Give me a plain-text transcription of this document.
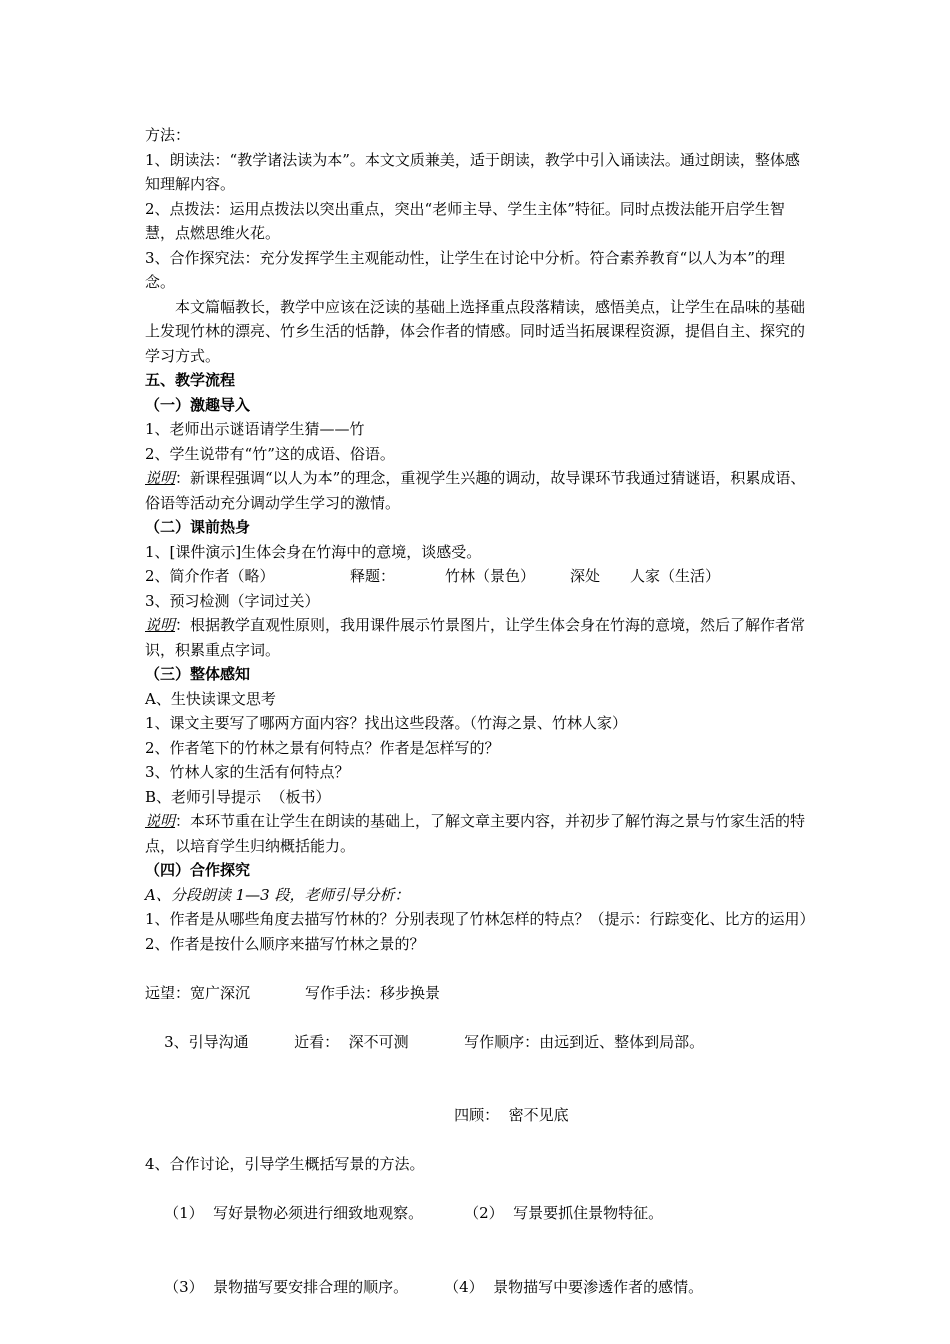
方法：
1、朗读法：“教学诸法读为本”。本文文质兼美，适于朗读，教学中引入诵读法。通过朗读，整体感知理解内容。
2、点拨法：运用点拨法以突出重点，突出“老师主导、学生主体”特征。同时点拨法能开启学生智慧，点燃思维火花。
3、合作探究法：充分发挥学生主观能动性，让学生在讨论中分析。符合素养教育“以人为本”的理念。
本文篇幅教长，教学中应该在泛读的基础上选择重点段落精读，感悟美点，让学生在品味的基础上发现竹林的漂亮、竹乡生活的恬静，体会作者的情感。同时适当拓展课程资源，提倡自主、探究的学习方式。
五、教学流程
（一）激趣导入
1、老师出示谜语请学生猜——竹
2、学生说带有“竹”这的成语、俗语。
说明：新课程强调“以人为本”的理念，重视学生兴趣的调动，故导课环节我通过猜谜语，积累成语、俗语等活动充分调动学生学习的激情。
（二）课前热身
1、[课件演示]生体会身在竹海中的意境，谈感受。
2、简介作者（略）	释题：	竹林（景色） 深处 人家（生活）
3、预习检测（字词过关）
说明：根据教学直观性原则，我用课件展示竹景图片，让学生体会身在竹海的意境，然后了解作者常识，积累重点字词。
（三）整体感知
A、生快读课文思考
1、课文主要写了哪两方面内容？找出这些段落。（竹海之景、竹林人家）
2、作者笔下的竹林之景有何特点？作者是怎样写的？
3、竹林人家的生活有何特点？
B、老师引导提示  （板书）
说明：本环节重在让学生在朗读的基础上，了解文章主要内容，并初步了解竹海之景与竹家生活的特点，以培育学生归纳概括能力。
（四）合作探究
A、分段朗读 1—3 段，老师引导分析：
1、作者是从哪些角度去描写竹林的？分别表现了竹林怎样的特点？（提示：行踪变化、比方的运用）
2、作者是按什么顺序来描写竹林之景的？
远望：宽广深沉	写作手法：移步换景

3、引导沟通	近看：  深不可测	写作顺序：由远到近、整体到局部。

四顾：  密不见底

4、合作讨论，引导学生概括写景的方法。

（1）  写好景物必须进行细致地观察。	（2）  写景要抓住景物特征。

（3）  景物描写要安排合理的顺序。 （4）  景物描写中要渗透作者的感情。
